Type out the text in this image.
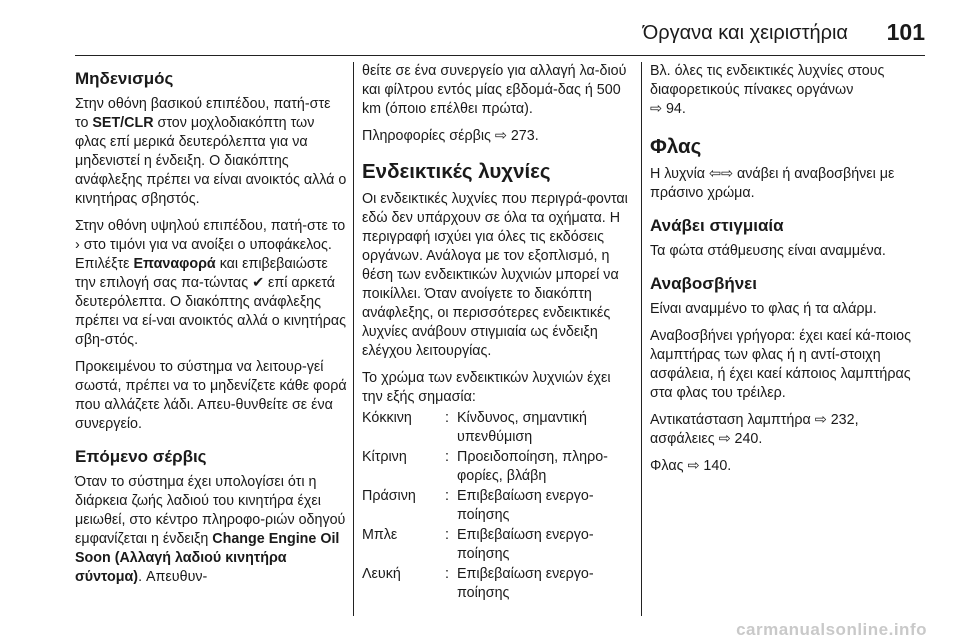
Όργανα και χειριστήρια 101
Μηδενισμός

Στην οθόνη βασικού επιπέδου, πατή-στε το SET/CLR στον μοχλοδιακόπτη των φλας επί μερικά δευτερόλεπτα για να μηδενιστεί η ένδειξη. Ο διακόπτης ανάφλεξης πρέπει να είναι ανοικτός αλλά ο κινητήρας σβηστός.

Στην οθόνη υψηλού επιπέδου, πατή-στε το › στο τιμόνι για να ανοίξει ο υποφάκελος. Επιλέξτε Επαναφορά και επιβεβαιώστε την επιλογή σας πα-τώντας ✔ επί αρκετά δευτερόλεπτα. Ο διακόπτης ανάφλεξης πρέπει να εί-ναι ανοικτός αλλά ο κινητήρας σβη-στός.

Προκειμένου το σύστημα να λειτουρ-γεί σωστά, πρέπει να το μηδενίζετε κάθε φορά που αλλάζετε λάδι. Απευ-θυνθείτε σε ένα συνεργείο.

Επόμενο σέρβις

Όταν το σύστημα έχει υπολογίσει ότι η διάρκεια ζωής λαδιού του κινητήρα έχει μειωθεί, στο κέντρο πληροφο-ριών οδηγού εμφανίζεται η ένδειξη Change Engine Oil Soon (Αλλαγή λαδιού κινητήρα σύντομα). Απευθυν-

θείτε σε ένα συνεργείο για αλλαγή λα-διού και φίλτρου εντός μίας εβδομά-δας ή 500 km (όποιο επέλθει πρώτα).

Πληροφορίες σέρβις ⇨ 273.

Ενδεικτικές λυχνίες

Οι ενδεικτικές λυχνίες που περιγρά-φονται εδώ δεν υπάρχουν σε όλα τα οχήματα. Η περιγραφή ισχύει για όλες τις εκδόσεις οργάνων. Ανάλογα με τον εξοπλισμό, η θέση των ενδεικτικών λυχνιών μπορεί να ποικίλλει. Όταν ανοίγετε το διακόπτη ανάφλεξης, οι περισσότερες ενδεικτικές λυχνίες ανάβουν στιγμιαία ως ένδειξη ελέγχου λειτουργίας.

Το χρώμα των ενδεικτικών λυχνιών έχει την εξής σημασία:

Κόκκινη	:	Κίνδυνος, σημαντική υπενθύμιση
Κίτρινη	:	Προειδοποίηση, πληρο-φορίες, βλάβη
Πράσινη	:	Επιβεβαίωση ενεργο-ποίησης
Μπλε	:	Επιβεβαίωση ενεργο-ποίησης
Λευκή	:	Επιβεβαίωση ενεργο-ποίησης

Βλ. όλες τις ενδεικτικές λυχνίες στους διαφορετικούς πίνακες οργάνων
⇨ 94.

Φλας

Η λυχνία ⇦⇨ ανάβει ή αναβοσβήνει με πράσινο χρώμα.

Ανάβει στιγμιαία

Τα φώτα στάθμευσης είναι αναμμένα.

Αναβοσβήνει

Είναι αναμμένο το φλας ή τα αλάρμ.

Αναβοσβήνει γρήγορα: έχει καεί κά-ποιος λαμπτήρας των φλας ή η αντί-στοιχη ασφάλεια, ή έχει καεί κάποιος λαμπτήρας στα φλας του τρέιλερ.

Αντικατάσταση λαμπτήρα ⇨ 232, ασφάλειες ⇨ 240.

Φλας ⇨ 140.

carmanualsonline.info
